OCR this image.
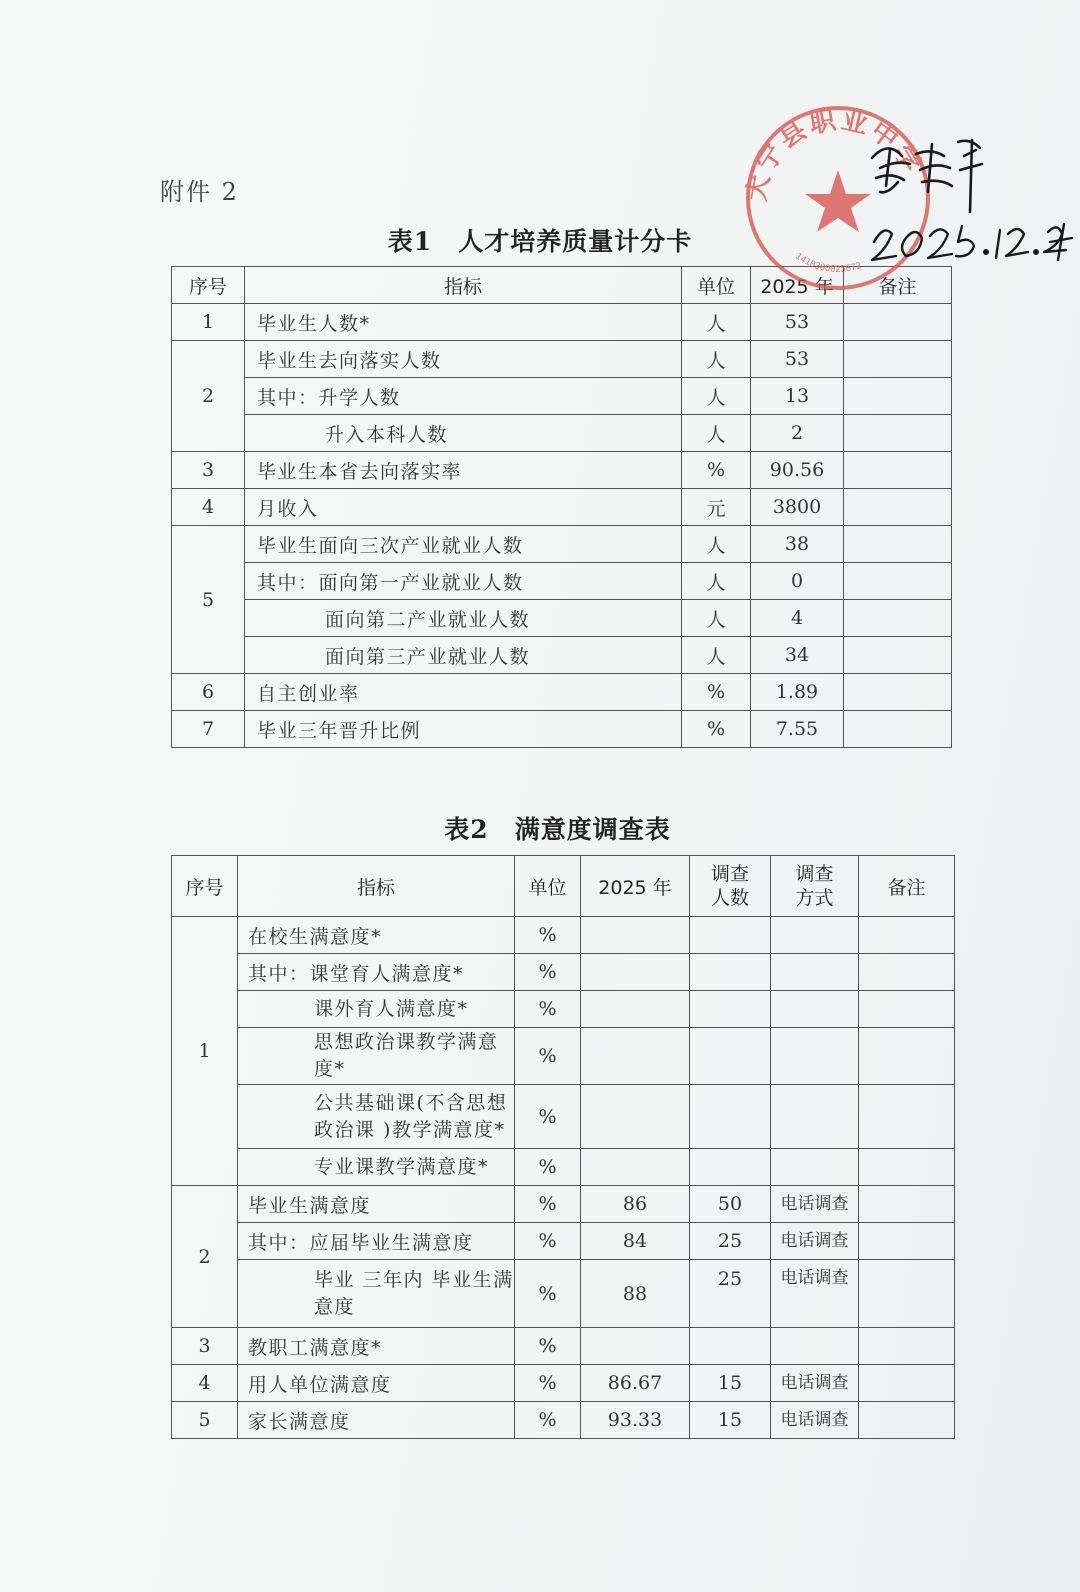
附件 2
表1　人才培养质量计分卡
序号	指标	单位	2025 年	备注
1	毕业生人数*	人	53	
2	毕业生去向落实人数	人	53	
	其中：升学人数	人	13	
	升入本科人数	人	2	
3	毕业生本省去向落实率	%	90.56	
4	月收入	元	3800	
5	毕业生面向三次产业就业人数	人	38	
	其中：面向第一产业就业人数	人	0	
	面向第二产业就业人数	人	4	
	面向第三产业就业人数	人	34	
6	自主创业率	%	1.89	
7	毕业三年晋升比例	%	7.55	
表2　满意度调查表
序号	指标	单位	2025 年	调查人数	调查方式	备注
1	在校生满意度*	%				
	其中：课堂育人满意度*	%				
	课外育人满意度*	%				
	思想政治课教学满意度*	%				
	公共基础课(不含思想政治课 )教学满意度*	%				
	专业课教学满意度*	%				
2	毕业生满意度	%	86	50	电话调查	
	其中：应届毕业生满意度	%	84	25	电话调查	
	毕业 三年内 毕业生满意度	%	88	25	电话调查	
3	教职工满意度*	%				
4	用人单位满意度	%	86.67	15	电话调查	
5	家长满意度	%	93.33	15	电话调查	
大宁县职业中学
1410300025672
